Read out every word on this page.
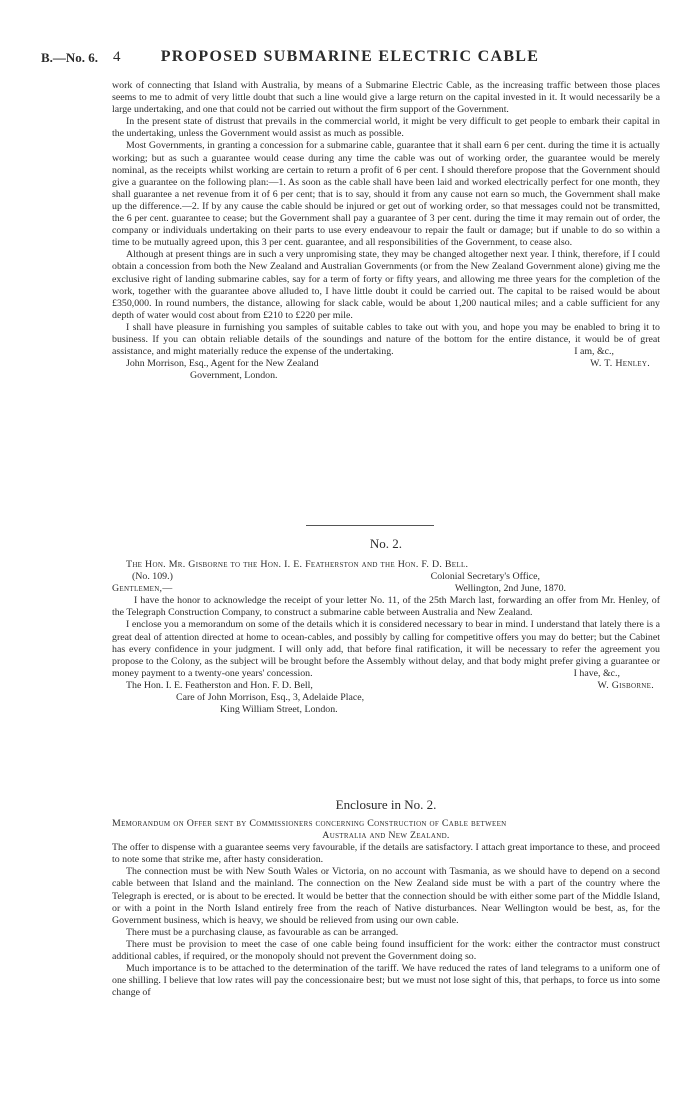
B.—No. 6. 4	PROPOSED SUBMARINE ELECTRIC CABLE

work of connecting that Island with Australia, by means of a Submarine Electric Cable, as the increasing traffic between those places seems to me to admit of very little doubt that such a line would give a large return on the capital invested in it. It would necessarily be a large undertaking, and one that could not be carried out without the firm support of the Government.

In the present state of distrust that prevails in the commercial world, it might be very difficult to get people to embark their capital in the undertaking, unless the Government would assist as much as possible.

Most Governments, in granting a concession for a submarine cable, guarantee that it shall earn 6 per cent. during the time it is actually working; but as such a guarantee would cease during any time the cable was out of working order, the guarantee would be merely nominal, as the receipts whilst working are certain to return a profit of 6 per cent. I should therefore propose that the Government should give a guarantee on the following plan:—1. As soon as the cable shall have been laid and worked electrically perfect for one month, they shall guarantee a net revenue from it of 6 per cent; that is to say, should it from any cause not earn so much, the Government shall make up the difference.—2. If by any cause the cable should be injured or get out of working order, so that messages could not be transmitted, the 6 per cent. guarantee to cease; but the Government shall pay a guarantee of 3 per cent. during the time it may remain out of order, the company or individuals undertaking on their parts to use every endeavour to repair the fault or damage; but if unable to do so within a time to be mutually agreed upon, this 3 per cent. guarantee, and all responsibilities of the Government, to cease also.

Although at present things are in such a very unpromising state, they may be changed altogether next year. I think, therefore, if I could obtain a concession from both the New Zealand and Australian Governments (or from the New Zealand Government alone) giving me the exclusive right of landing submarine cables, say for a term of forty or fifty years, and allowing me three years for the completion of the work, together with the guarantee above alluded to, I have little doubt it could be carried out. The capital to be raised would be about £350,000. In round numbers, the distance, allowing for slack cable, would be about 1,200 nautical miles; and a cable sufficient for any depth of water would cost about from £210 to £220 per mile.

I shall have pleasure in furnishing you samples of suitable cables to take out with you, and hope you may be enabled to bring it to business. If you can obtain reliable details of the soundings and nature of the bottom for the entire distance, it would be of great assistance, and might materially reduce the expense of the undertaking.

John Morrison, Esq., Agent for the New Zealand
I am, &c.,
W. T. Henley.

Government, London.

No. 2.

The Hon. Mr. Gisborne to the Hon. I. E. Featherston and the Hon. F. D. Bell.

(No. 109.)	Colonial Secretary's Office,
Gentlemen,—	Wellington, 2nd June, 1870.

I have the honor to acknowledge the receipt of your letter No. 11, of the 25th March last, forwarding an offer from Mr. Henley, of the Telegraph Construction Company, to construct a submarine cable between Australia and New Zealand.

I enclose you a memorandum on some of the details which it is considered necessary to bear in mind. I understand that lately there is a great deal of attention directed at home to ocean-cables, and possibly by calling for competitive offers you may do better; but the Cabinet has every confidence in your judgment. I will only add, that before final ratification, it will be necessary to refer the agreement you propose to the Colony, as the subject will be brought before the Assembly without delay, and that body might prefer giving a guarantee or money payment to a twenty-one years' concession.

The Hon. I. E. Featherston and Hon. F. D. Bell,
I have, &c.,
W. Gisborne.

Care of John Morrison, Esq., 3, Adelaide Place,

King William Street, London.

Enclosure in No. 2.

Memorandum on Offer sent by Commissioners concerning Construction of Cable between

Australia and New Zealand.

The offer to dispense with a guarantee seems very favourable, if the details are satisfactory. I attach great importance to these, and proceed to note some that strike me, after hasty consideration.

The connection must be with New South Wales or Victoria, on no account with Tasmania, as we should have to depend on a second cable between that Island and the mainland. The connection on the New Zealand side must be with a part of the country where the Telegraph is erected, or is about to be erected. It would be better that the connection should be with either some part of the Middle Island, or with a point in the North Island entirely free from the reach of Native disturbances. Near Wellington would be best, as, for the Government business, which is heavy, we should be relieved from using our own cable.

There must be a purchasing clause, as favourable as can be arranged.

There must be provision to meet the case of one cable being found insufficient for the work: either the contractor must construct additional cables, if required, or the monopoly should not prevent the Government doing so.

Much importance is to be attached to the determination of the tariff. We have reduced the rates of land telegrams to a uniform one of one shilling. I believe that low rates will pay the concessionaire best; but we must not lose sight of this, that perhaps, to force us into some change of
